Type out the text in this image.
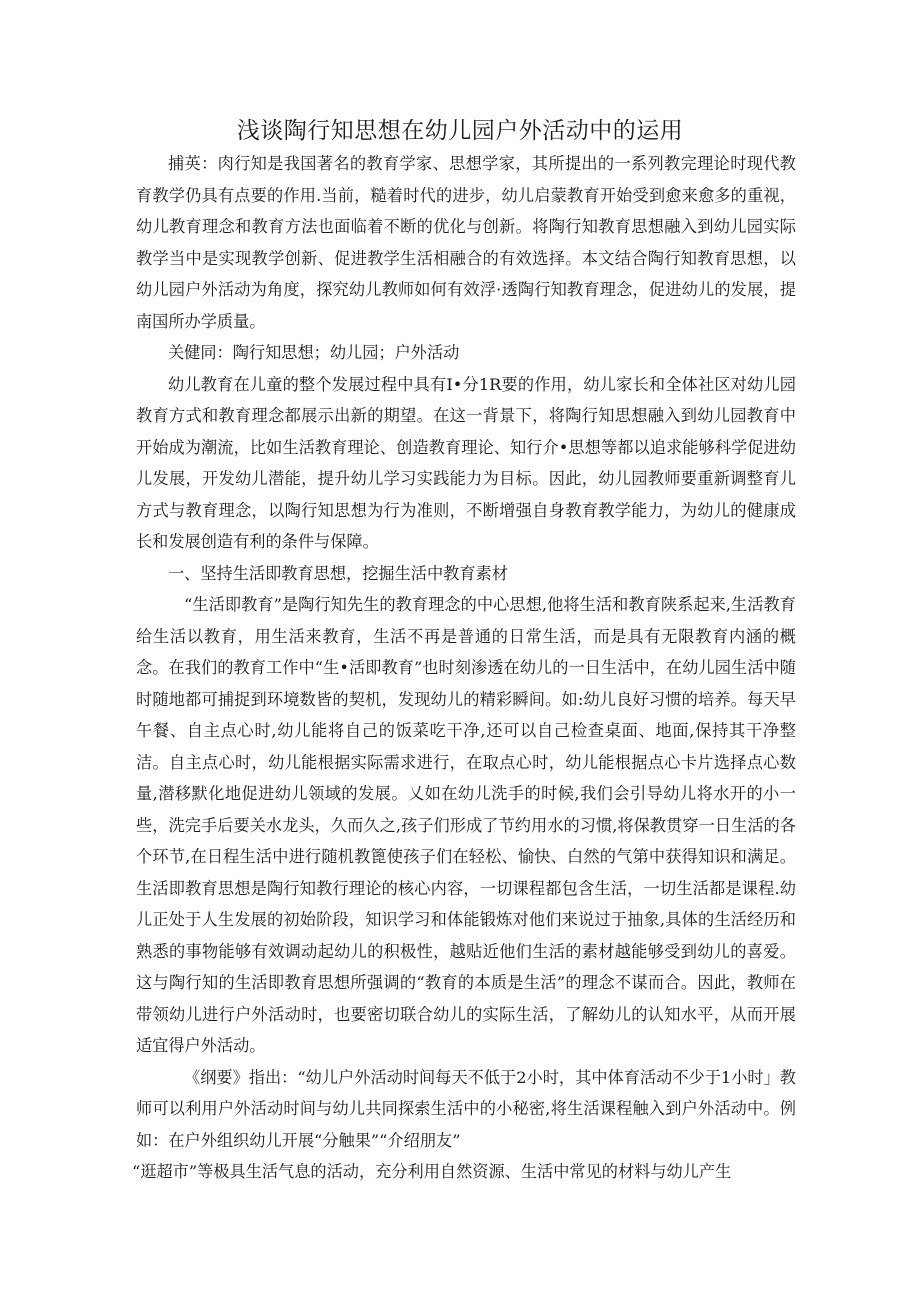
浅谈陶行知思想在幼儿园户外活动中的运用

捕英：肉行知是我国著名的教育学家、思想学家，其所提出的一系列教完理论时现代教育教学仍具有点要的作用.当前，糙着时代的进步，幼儿启蒙教育开始受到愈来愈多的重视，幼儿教育理念和教育方法也面临着不断的优化与创新。将陶行知教育思想融入到幼儿园实际教学当中是实现教学创新、促进教学生活相融合的有效选择。本文结合陶行知教育思想，以幼儿园户外活动为角度，探究幼儿教师如何有效浮·透陶行知教育理念，促进幼儿的发展，提南国所办学质量。

关健同：陶行知思想；幼儿园；户外活动

幼儿教育在儿童的整个发展过程中具有I•分1R要的作用，幼儿家长和全体社区对幼儿园教育方式和教育理念都展示出新的期望。在这一背景下，将陶行知思想融入到幼儿园教育中开始成为潮流，比如生活教育理论、创造教育理论、知行介•思想等都以追求能够科学促进幼儿发展，开发幼儿潜能，提升幼儿学习实践能力为目标。因此，幼儿园教师要重新调整育儿方式与教育理念，以陶行知思想为行为准则，不断增强自身教育教学能力，为幼儿的健康成长和发展创造有利的条件与保障。

一、坚持生活即教育思想，挖掘生活中教育素材

“生活即教育”是陶行知先生的教育理念的中心思想,他将生活和教育陕系起来,生活教育给生活以教育，用生活来教育，生活不再是普通的日常生活，而是具有无限教育内涵的概念。在我们的教育工作中“生•活即教育”也时刻渗透在幼儿的一日生活中，在幼儿园生活中随时随地都可捕捉到环境数皆的契机，发现幼儿的精彩瞬间。如:幼儿良好习惯的培养。每天早午餐、自主点心时,幼儿能将自己的饭菜吃干净,还可以自己检查桌面、地面,保持其干净整洁。自主点心时，幼儿能根据实际需求进行，在取点心时，幼儿能根据点心卡片选择点心数量,潜移默化地促进幼儿领域的发展。乂如在幼儿洗手的时候,我们会引导幼儿将水开的小一些，洗完手后要关水龙头，久而久之,孩子们形成了节约用水的习惯,将保教贯穿一日生活的各个环节,在日程生活中进行随机教篦使孩子们在轻松、愉快、白然的气第中获得知识和满足。生活即教育思想是陶行知教行理论的核心内容，一切课程都包含生活，一切生活都是课程.幼儿正处于人生发展的初始阶段，知识学习和体能锻炼对他们来说过于抽象,具体的生活经历和熟悉的事物能够有效调动起幼儿的积极性，越贴近他们生活的素材越能够受到幼儿的喜爱。这与陶行知的生活即教育思想所强调的“教育的本质是生活”的理念不谋而合。因此，教师在带领幼儿进行户外活动时，也要密切联合幼儿的实际生活，了解幼儿的认知水平，从而开展适宜得户外活动。

《纲要》指出：“幼儿户外活动时间每天不低于2小时，其中体育活动不少于1小时」教师可以利用户外活动时间与幼儿共同探索生活中的小秘密,将生活课程触入到户外活动中。例如：在户外组织幼儿开展“分触果”“介绍朋友”

“逛超市”等极具生活气息的活动，充分利用自然资源、生活中常见的材料与幼儿产生
